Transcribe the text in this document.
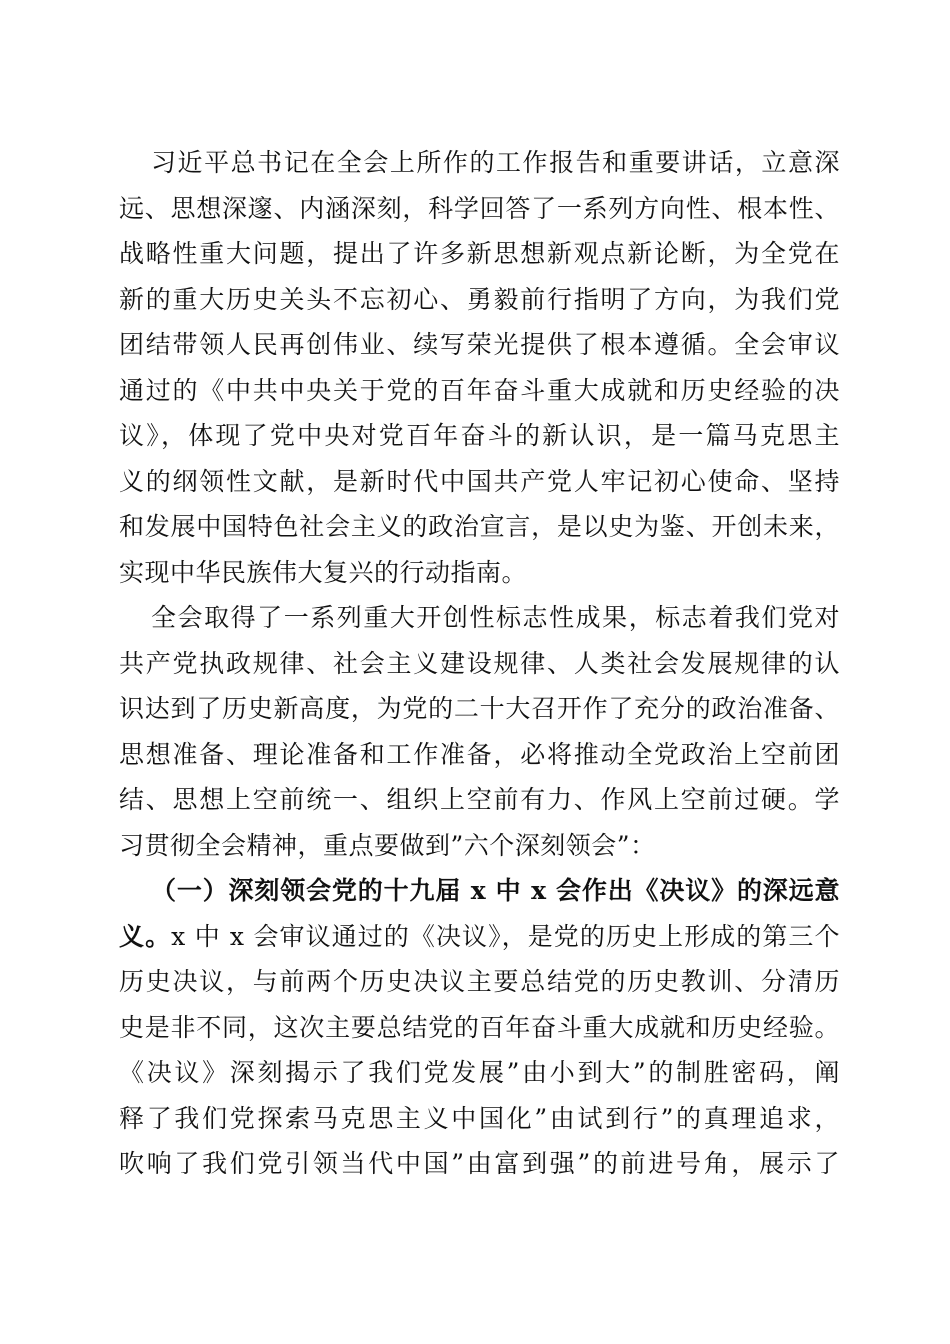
习近平总书记在全会上所作的工作报告和重要讲话，立意深
远、思想深邃、内涵深刻，科学回答了一系列方向性、根本性、
战略性重大问题，提出了许多新思想新观点新论断，为全党在
新的重大历史关头不忘初心、勇毅前行指明了方向，为我们党
团结带领人民再创伟业、续写荣光提供了根本遵循。全会审议
通过的《中共中央关于党的百年奋斗重大成就和历史经验的决
议》，体现了党中央对党百年奋斗的新认识，是一篇马克思主
义的纲领性文献，是新时代中国共产党人牢记初心使命、坚持
和发展中国特色社会主义的政治宣言，是以史为鉴、开创未来，
实现中华民族伟大复兴的行动指南。
全会取得了一系列重大开创性标志性成果，标志着我们党对
共产党执政规律、社会主义建设规律、人类社会发展规律的认
识达到了历史新高度，为党的二十大召开作了充分的政治准备、
思想准备、理论准备和工作准备，必将推动全党政治上空前团
结、思想上空前统一、组织上空前有力、作风上空前过硬。学
习贯彻全会精神，重点要做到”六个深刻领会”：
（一）深刻领会党的十九届 x 中 x 会作出《决议》的深远意
义。x 中 x 会审议通过的《决议》，是党的历史上形成的第三个
历史决议，与前两个历史决议主要总结党的历史教训、分清历
史是非不同，这次主要总结党的百年奋斗重大成就和历史经验。
《决议》深刻揭示了我们党发展”由小到大”的制胜密码，阐
释了我们党探索马克思主义中国化”由试到行”的真理追求，
吹响了我们党引领当代中国”由富到强”的前进号角，展示了
